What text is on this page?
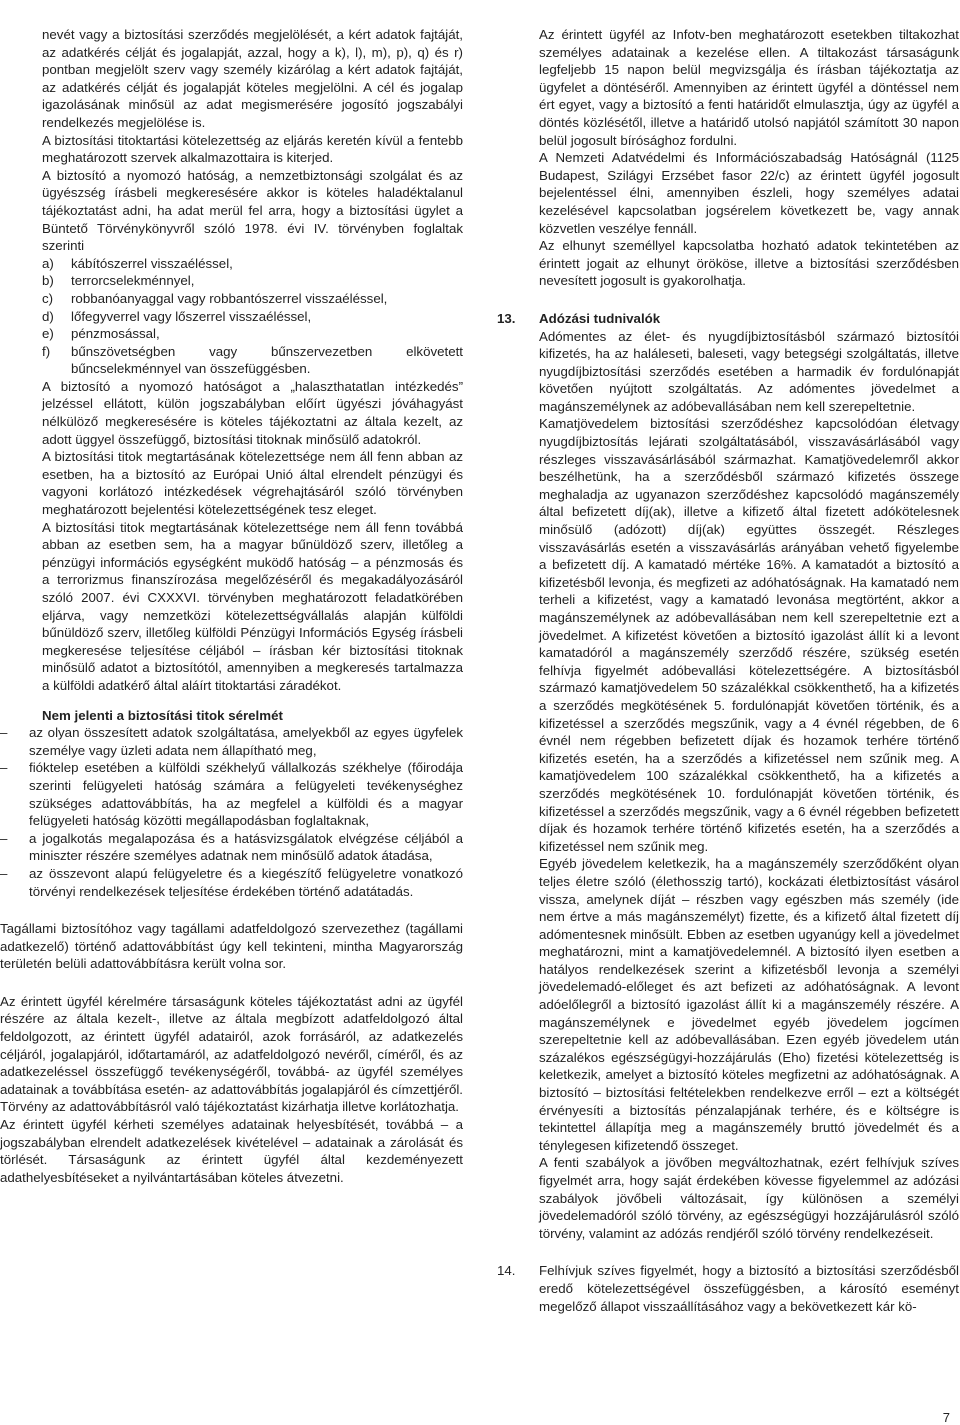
nevét vagy a biztosítási szerződés megjelölését, a kért adatok fajtáját, az adatkérés célját és jogalapját, azzal, hogy a k), l), m), p), q) és r) pontban megjelölt szerv vagy személy kizárólag a kért adatok fajtáját, az adatkérés célját és jogalapját köteles megjelölni. A cél és jogalap igazolásának minősül az adat megismerésére jogosító jogszabályi rendelkezés megjelölése is.

A biztosítási titoktartási kötelezettség az eljárás keretén kívül a fentebb meghatározott szervek alkalmazottaira is kiterjed.

A biztosító a nyomozó hatóság, a nemzetbiztonsági szolgálat és az ügyészség írásbeli megkeresésére akkor is köteles haladéktalanul tájékoztatást adni, ha adat merül fel arra, hogy a biztosítási ügylet a Büntető Törvénykönyvről szóló 1978. évi IV. törvényben foglaltak szerinti

a) kábítószerrel visszaéléssel,
b) terrorcselekménnyel,
c) robbanóanyaggal vagy robbantószerrel visszaéléssel,
d) lőfegyverrel vagy lőszerrel visszaéléssel,
e) pénzmosással,
f) bűnszövetségben vagy bűnszervezetben elkövetett bűncselekménnyel van összefüggésben.

A biztosító a nyomozó hatóságot a „halaszthatatlan intézkedés” jelzéssel ellátott, külön jogszabályban előírt ügyészi jóváhagyást nélkülöző megkeresésére is köteles tájékoztatni az általa kezelt, az adott üggyel összefüggő, biztosítási titoknak minősülő adatokról.

A biztosítási titok megtartásának kötelezettsége nem áll fenn abban az esetben, ha a biztosító az Európai Unió által elrendelt pénzügyi és vagyoni korlátozó intézkedések végrehajtásáról szóló törvényben meghatározott bejelentési kötelezettségének tesz eleget.

A biztosítási titok megtartásának kötelezettsége nem áll fenn továbbá abban az esetben sem, ha a magyar bűnüldöző szerv, illetőleg a pénzügyi információs egységként muködő hatóság – a pénzmosás és a terrorizmus finanszírozása megelőzéséről és megakadályozásáról szóló 2007. évi CXXXVI. törvényben meghatározott feladatkörében eljárva, vagy nemzetközi kötelezettségvállalás alapján külföldi bűnüldöző szerv, illetőleg külföldi Pénzügyi Információs Egység írásbeli megkeresése teljesítése céljából – írásban kér biztosítási titoknak minősülő adatot a biztosítótól, amennyiben a megkeresés tartalmazza a külföldi adatkérő által aláírt titoktartási záradékot.

Nem jelenti a biztosítási titok sérelmét
– az olyan összesített adatok szolgáltatása, amelyekből az egyes ügyfelek személye vagy üzleti adata nem állapítható meg,
– fióktelep esetében a külföldi székhelyű vállalkozás székhelye (főirodája szerinti felügyeleti hatóság számára a felügyeleti tevékenységhez szükséges adattovábbítás, ha az megfelel a külföldi és a magyar felügyeleti hatóság közötti megállapodásban foglaltaknak,
– a jogalkotás megalapozása és a hatásvizsgálatok elvégzése céljából a miniszter részére személyes adatnak nem minősülő adatok átadása,
– az összevont alapú felügyeletre és a kiegészítő felügyeletre vonatkozó törvényi rendelkezések teljesítése érdekében történő adatátadás.

Tagállami biztosítóhoz vagy tagállami adatfeldolgozó szervezethez (tagállami adatkezelő) történő adattovábbítást úgy kell tekinteni, mintha Magyarország területén belüli adattovábbításra került volna sor.

Az érintett ügyfél kérelmére társaságunk köteles tájékoztatást adni az ügyfél részére az általa kezelt-, illetve az általa megbízott adatfeldolgozó által feldolgozott, az érintett ügyfél adatairól, azok forrásáról, az adatkezelés céljáról, jogalapjáról, időtartamáról, az adatfeldolgozó nevéről, címéről, és az adatkezeléssel összefüggő tevékenységéről, továbbá- az ügyfél személyes adatainak a továbbítása esetén- az adattovábbítás jogalapjáról és címzettjéről. Törvény az adattovábbításról való tájékoztatást kizárhatja illetve korlátozhatja.

Az érintett ügyfél kérheti személyes adatainak helyesbítését, továbbá – a jogszabályban elrendelt adatkezelések kivételével – adatainak a zárolását és törlését. Társaságunk az érintett ügyfél által kezdeményezett adathelyesbítéseket a nyilvántartásában köteles átvezetni.

Az érintett ügyfél az Infotv-ben meghatározott esetekben tiltakozhat személyes adatainak a kezelése ellen. A tiltakozást társaságunk legfeljebb 15 napon belül megvizsgálja és írásban tájékoztatja az ügyfelet a döntéséről. Amennyiben az érintett ügyfél a döntéssel nem ért egyet, vagy a biztosító a fenti határidőt elmulasztja, úgy az ügyfél a döntés közlésétől, illetve a határidő utolsó napjától számított 30 napon belül jogosult bírósághoz fordulni.

A Nemzeti Adatvédelmi és Információszabadság Hatóságnál (1125 Budapest, Szilágyi Erzsébet fasor 22/c) az érintett ügyfél jogosult bejelentéssel élni, amennyiben észleli, hogy személyes adatai kezelésével kapcsolatban jogsérelem következett be, vagy annak közvetlen veszélye fennáll.

Az elhunyt személlyel kapcsolatba hozható adatok tekintetében az érintett jogait az elhunyt örököse, illetve a biztosítási szerződésben nevesített jogosult is gyakorolhatja.

13.	Adózási tudnivalók

Adómentes az élet- és nyugdíjbiztosításból származó biztosítói kifizetés, ha az haláleseti, baleseti, vagy betegségi szolgáltatás, illetve nyugdíjbiztosítási szerződés esetében a harmadik év fordulónapját követően nyújtott szolgáltatás. Az adómentes jövedelmet a magánszemélynek az adóbevallásában nem kell szerepeltetnie.

Kamatjövedelem biztosítási szerződéshez kapcsolódóan életvagy nyugdíjbiztosítás lejárati szolgáltatásából, visszavásárlásából vagy részleges visszavásárlásából származhat. Kamatjövedelemről akkor beszélhetünk, ha a szerződésből származó kifizetés összege meghaladja az ugyanazon szerződéshez kapcsolódó magánszemély által befizetett díj(ak), illetve a kifizető által fizetett adókötelesnek minősülő (adózott) díj(ak) együttes összegét. Részleges visszavásárlás esetén a visszavásárlás arányában vehető figyelembe a befizetett díj. A kamatadó mértéke 16%. A kamatadót a biztosító a kifizetésből levonja, és megfizeti az adóhatóságnak. Ha kamatadó nem terheli a kifizetést, vagy a kamatadó levonása megtörtént, akkor a magánszemélynek az adóbevallásában nem kell szerepeltetnie ezt a jövedelmet. A kifizetést követően a biztosító igazolást állít ki a levont kamatadóról a magánszemély szerződő részére, szükség esetén felhívja figyelmét adóbevallási kötelezettségére. A biztosításból származó kamatjövedelem 50 százalékkal csökkenthető, ha a kifizetés a szerződés megkötésének 5. fordulónapját követően történik, és a kifizetéssel a szerződés megszűnik, vagy a 4 évnél régebben, de 6 évnél nem régebben befizetett díjak és hozamok terhére történő kifizetés esetén, ha a szerződés a kifizetéssel nem szűnik meg. A kamatjövedelem 100 százalékkal csökkenthető, ha a kifizetés a szerződés megkötésének 10. fordulónapját követően történik, és kifizetéssel a szerződés megszűnik, vagy a 6 évnél régebben befizetett díjak és hozamok terhére történő kifizetés esetén, ha a szerződés a kifizetéssel nem szűnik meg.

Egyéb jövedelem keletkezik, ha a magánszemély szerződőként olyan teljes életre szóló (élethosszig tartó), kockázati életbiztosítást vásárol vissza, amelynek díját – részben vagy egészben más személy (ide nem értve a más magánszemélyt) fizette, és a kifizető által fizetett díj adómentesnek minősült. Ebben az esetben ugyanúgy kell a jövedelmet meghatározni, mint a kamatjövedelemnél. A biztosító ilyen esetben a hatályos rendelkezések szerint a kifizetésből levonja a személyi jövedelemadó-előleget és azt befizeti az adóhatóságnak. A levont adóelőlegről a biztosító igazolást állít ki a magánszemély részére. A magánszemélynek e jövedelmet egyéb jövedelem jogcímen szerepeltetnie kell az adóbevallásában. Ezen egyéb jövedelem után százalékos egészségügyi-hozzájárulás (Eho) fizetési kötelezettség is keletkezik, amelyet a biztosító köteles megfizetni az adóhatóságnak. A biztosító – biztosítási feltételekben rendelkezve erről – ezt a költségét érvényesíti a biztosítás pénzalapjának terhére, és e költségre is tekintettel állapítja meg a magánszemély bruttó jövedelmét és a ténylegesen kifizetendő összeget.

A fenti szabályok a jövőben megváltozhatnak, ezért felhívjuk szíves figyelmét arra, hogy saját érdekében kövesse figyelemmel az adózási szabályok jövőbeli változásait, így különösen a személyi jövedelemadóról szóló törvény, az egészségügyi hozzájárulásról szóló törvény, valamint az adózás rendjéről szóló törvény rendelkezéseit.

14.	Felhívjuk szíves figyelmét, hogy a biztosító a biztosítási szerződésből eredő kötelezettségével összefüggésben, a károsító eseményt megelőző állapot visszaállításához vagy a bekövetkezett kár kö-

7
